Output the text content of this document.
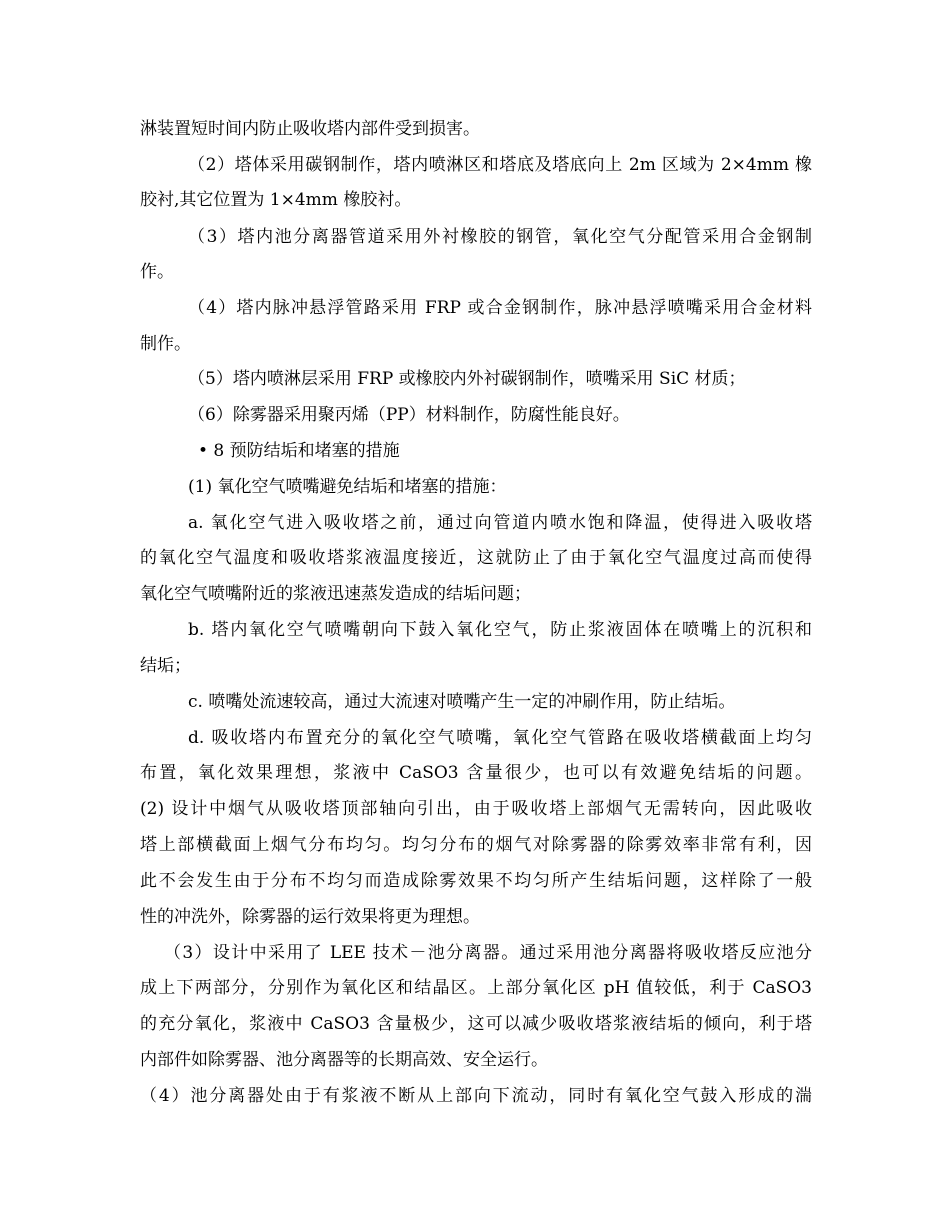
淋装置短时间内防止吸收塔内部件受到损害。
（2）塔体采用碳钢制作，塔内喷淋区和塔底及塔底向上 2m 区域为 2×4mm 橡
胶衬,其它位置为 1×4mm 橡胶衬。
（3）塔内池分离器管道采用外衬橡胶的钢管，氧化空气分配管采用合金钢制
作。
（4）塔内脉冲悬浮管路采用 FRP 或合金钢制作，脉冲悬浮喷嘴采用合金材料
制作。
（5）塔内喷淋层采用 FRP 或橡胶内外衬碳钢制作，喷嘴采用 SiC 材质；
（6）除雾器采用聚丙烯（PP）材料制作，防腐性能良好。
• 8 预防结垢和堵塞的措施
(1) 氧化空气喷嘴避免结垢和堵塞的措施：
a. 氧化空气进入吸收塔之前，通过向管道内喷水饱和降温，使得进入吸收塔
的氧化空气温度和吸收塔浆液温度接近，这就防止了由于氧化空气温度过高而使得
氧化空气喷嘴附近的浆液迅速蒸发造成的结垢问题；
b. 塔内氧化空气喷嘴朝向下鼓入氧化空气，防止浆液固体在喷嘴上的沉积和
结垢；
c. 喷嘴处流速较高，通过大流速对喷嘴产生一定的冲刷作用，防止结垢。
d. 吸收塔内布置充分的氧化空气喷嘴，氧化空气管路在吸收塔横截面上均匀
布置，氧化效果理想，浆液中 CaSO3 含量很少，也可以有效避免结垢的问题。
(2) 设计中烟气从吸收塔顶部轴向引出，由于吸收塔上部烟气无需转向，因此吸收
塔上部横截面上烟气分布均匀。均匀分布的烟气对除雾器的除雾效率非常有利，因
此不会发生由于分布不均匀而造成除雾效果不均匀所产生结垢问题，这样除了一般
性的冲洗外，除雾器的运行效果将更为理想。
（3）设计中采用了 LEE 技术－池分离器。通过采用池分离器将吸收塔反应池分
成上下两部分，分别作为氧化区和结晶区。上部分氧化区 pH 值较低，利于 CaSO3
的充分氧化，浆液中 CaSO3 含量极少，这可以减少吸收塔浆液结垢的倾向，利于塔
内部件如除雾器、池分离器等的长期高效、安全运行。
（4）池分离器处由于有浆液不断从上部向下流动，同时有氧化空气鼓入形成的湍
